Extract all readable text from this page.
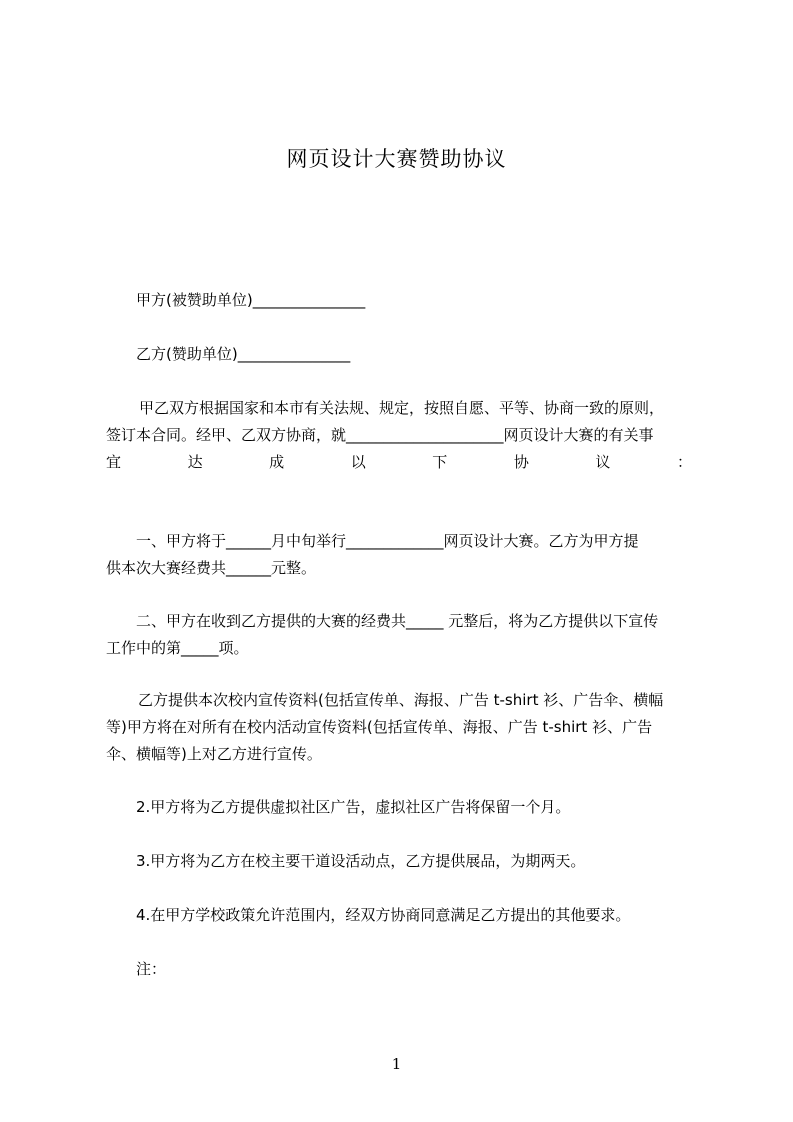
网页设计大赛赞助协议
甲方(被赞助单位)_______________
乙方(赞助单位)_______________
甲乙双方根据国家和本市有关法规、规定，按照自愿、平等、协商一致的原则，
签订本合同。经甲、乙双方协商，就_____________________网页设计大赛的有关事
宜 达 成 以 下 协 议 ：
一、甲方将于______月中旬举行_____________网页设计大赛。乙方为甲方提
供本次大赛经费共______元整。
二、甲方在收到乙方提供的大赛的经费共_____ 元整后，将为乙方提供以下宣传
工作中的第_____项。
乙方提供本次校内宣传资料(包括宣传单、海报、广告 t-shirt 衫、广告伞、横幅
等)甲方将在对所有在校内活动宣传资料(包括宣传单、海报、广告 t-shirt 衫、广告
伞、横幅等)上对乙方进行宣传。
2.甲方将为乙方提供虚拟社区广告，虚拟社区广告将保留一个月。
3.甲方将为乙方在校主要干道设活动点，乙方提供展品，为期两天。
4.在甲方学校政策允许范围内，经双方协商同意满足乙方提出的其他要求。
注：
1
